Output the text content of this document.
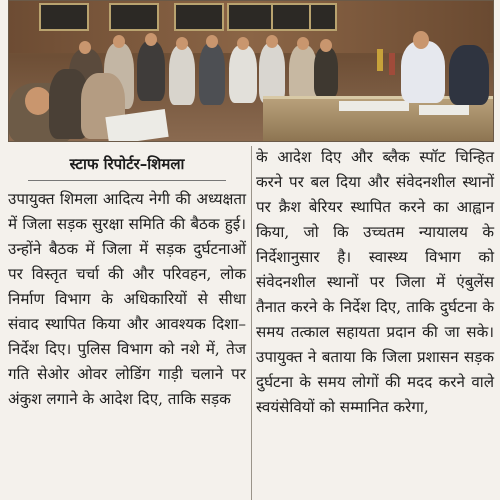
स्टाफ रिपोर्टर–शिमला

उपायुक्त शिमला आदित्य नेगी की अध्यक्षता में जिला सड़क सुरक्षा समिति की बैठक हुई। उन्होंने बैठक में जिला में सड़क दुर्घटनाओं पर विस्तृत चर्चा की और परिवहन, लोक निर्माण विभाग के अधिकारियों से सीधा संवाद स्थापित किया और आवश्यक दिशा–निर्देश दिए। पुलिस विभाग को नशे में, तेज गति सेओर ओवर लोडिंग गाड़ी चलाने पर अंकुश लगाने के आदेश दिए, ताकि सड़क

के आदेश दिए और ब्लैक स्पॉट चिन्हित करने पर बल दिया और संवेदनशील स्थानों पर क्रैश बेरियर स्थापित करने का आह्वान किया, जो कि उच्चतम न्यायालय के निर्देशानुसार है। स्वास्थ्य विभाग को संवेदनशील स्थानों पर जिला में एंबुलेंस तैनात करने के निर्देश दिए, ताकि दुर्घटना के समय तत्काल सहायता प्रदान की जा सके। उपायुक्त ने बताया कि जिला प्रशासन सड़क दुर्घटना के समय लोगों की मदद करने वाले स्वयंसेवियों को सम्मानित करेगा,
